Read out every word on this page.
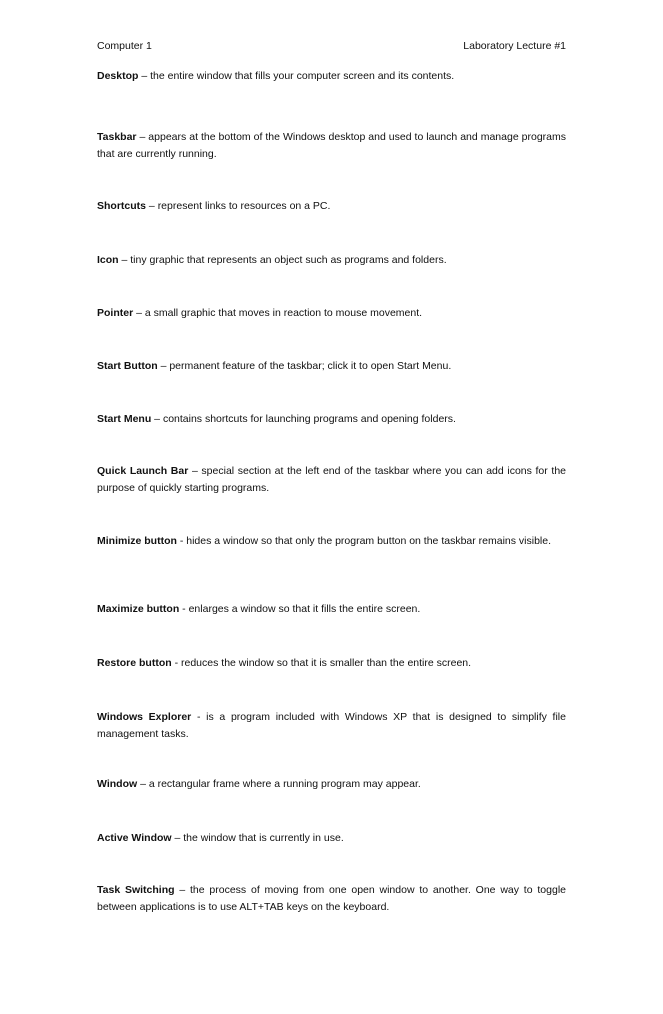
Computer 1	Laboratory Lecture #1

Desktop – the entire window that fills your computer screen and its contents.

Taskbar – appears at the bottom of the Windows desktop and used to launch and manage programs that are currently running.

Shortcuts – represent links to resources on a PC.

Icon – tiny graphic that represents an object such as programs and folders.

Pointer – a small graphic that moves in reaction to mouse movement.

Start Button – permanent feature of the taskbar; click it to open Start Menu.

Start Menu – contains shortcuts for launching programs and opening folders.

Quick Launch Bar – special section at the left end of the taskbar where you can add icons for the purpose of quickly starting programs.

Minimize button - hides a window so that only the program button on the taskbar remains visible.

Maximize button - enlarges a window so that it fills the entire screen.

Restore button - reduces the window so that it is smaller than the entire screen.

Windows Explorer - is a program included with Windows XP that is designed to simplify file management tasks.

Window – a rectangular frame where a running program may appear.

Active Window – the window that is currently in use.

Task Switching – the process of moving from one open window to another. One way to toggle between applications is to use ALT+TAB keys on the keyboard.
